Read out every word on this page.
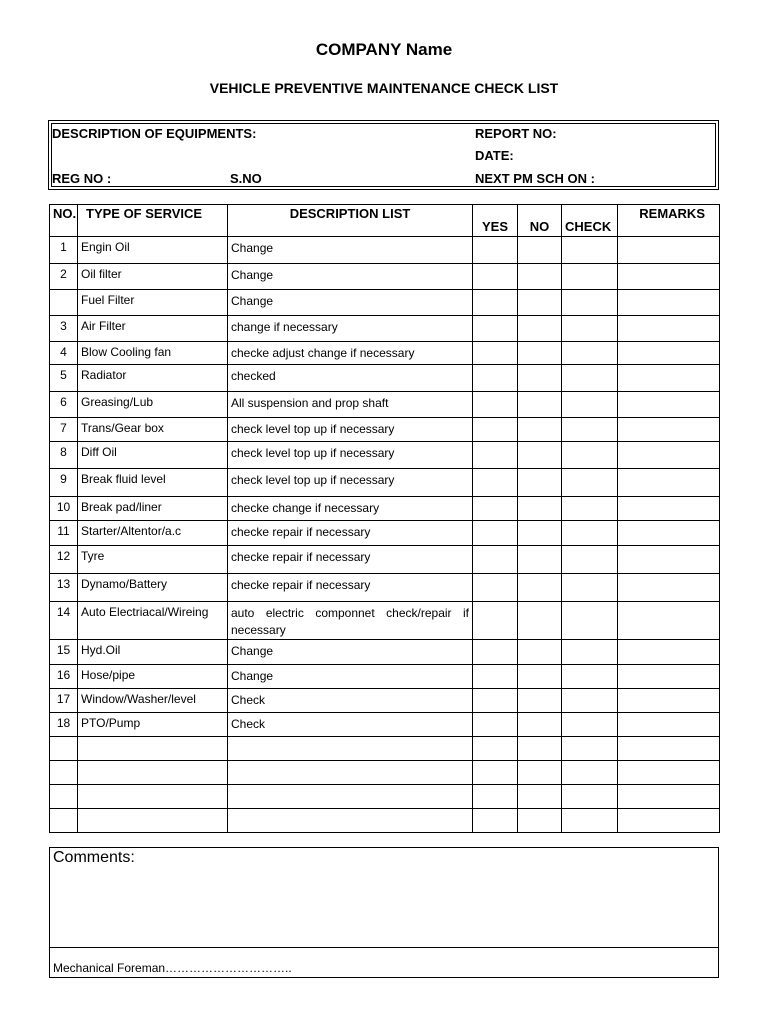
COMPANY Name
VEHICLE PREVENTIVE MAINTENANCE CHECK LIST
DESCRIPTION OF EQUIPMENTS:	REPORT NO:
DATE:
REG NO :	S.NO	NEXT PM SCH ON :
NO.	TYPE OF SERVICE	DESCRIPTION LIST	YES	NO	CHECK	REMARKS
1	Engin Oil	Change				
2	Oil filter	Change				
	Fuel Filter	Change				
3	Air Filter	change if necessary				
4	Blow Cooling fan	checke adjust change if necessary				
5	Radiator	checked				
6	Greasing/Lub	All suspension and prop shaft				
7	Trans/Gear box	check level top up if necessary				
8	Diff Oil	check level top up if necessary				
9	Break fluid level	check level top up if necessary				
10	Break pad/liner	checke change if necessary				
11	Starter/Altentor/a.c	checke repair if necessary				
12	Tyre	checke repair if necessary				
13	Dynamo/Battery	checke repair if necessary				
14	Auto Electriacal/Wireing	auto electric componnet check/repair if necessary				
15	Hyd.Oil	Change				
16	Hose/pipe	Change				
17	Window/Washer/level	Check				
18	PTO/Pump	Check				

Comments:
Mechanical Foreman…………………………..
